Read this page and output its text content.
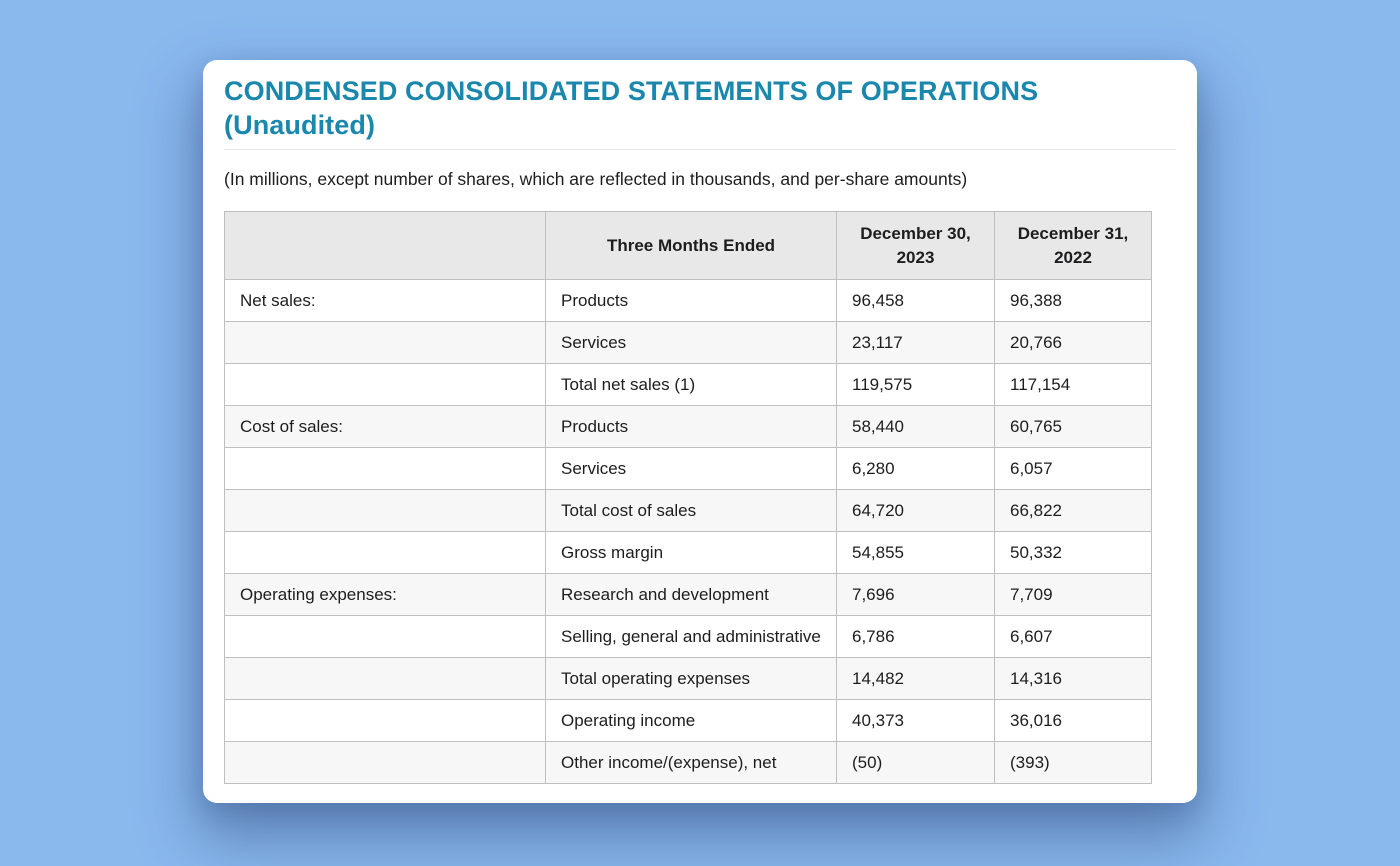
CONDENSED CONSOLIDATED STATEMENTS OF OPERATIONS
(Unaudited)

(In millions, except number of shares, which are reflected in thousands, and per-share amounts)

	Three Months Ended	December 30, 2023	December 31, 2022
Net sales:	Products	96,458	96,388
	Services	23,117	20,766
	Total net sales (1)	119,575	117,154
Cost of sales:	Products	58,440	60,765
	Services	6,280	6,057
	Total cost of sales	64,720	66,822
	Gross margin	54,855	50,332
Operating expenses:	Research and development	7,696	7,709
	Selling, general and administrative	6,786	6,607
	Total operating expenses	14,482	14,316
	Operating income	40,373	36,016
	Other income/(expense), net	(50)	(393)
